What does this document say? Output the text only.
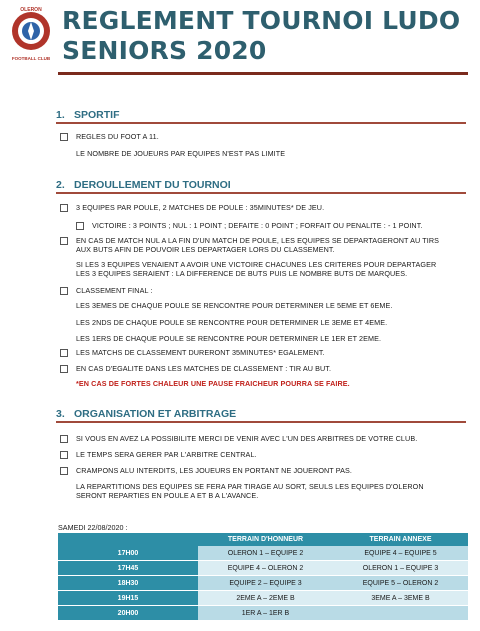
OLERON
FOOTBALL CLUB
REGLEMENT TOURNOI LUDO
SENIORS 2020
1. SPORTIF
REGLES DU FOOT A 11.
LE NOMBRE DE JOUEURS PAR EQUIPES N'EST PAS LIMITE
2. DEROULLEMENT DU TOURNOI
3 EQUIPES PAR POULE, 2 MATCHES DE POULE : 35MINUTES* DE JEU.
VICTOIRE : 3 POINTS ; NUL : 1 POINT ; DEFAITE : 0 POINT ; FORFAIT OU PENALITE : - 1 POINT.
EN CAS DE MATCH NUL A LA FIN D'UN MATCH DE POULE, LES EQUIPES SE DEPARTAGERONT AU TIRS
AUX BUTS AFIN DE POUVOIR LES DEPARTAGER LORS DU CLASSEMENT.
SI LES 3 EQUIPES VENAIENT A AVOIR UNE VICTOIRE CHACUNES LES CRITERES POUR DEPARTAGER
LES 3 EQUIPES SERAIENT : LA DIFFERENCE DE BUTS PUIS LE NOMBRE BUTS DE MARQUES.
CLASSEMENT FINAL :
LES 3EMES DE CHAQUE POULE SE RENCONTRE POUR DETERMINER LE 5EME ET 6EME.
LES 2NDS DE CHAQUE POULE SE RENCONTRE POUR DETERMINER LE 3EME ET 4EME.
LES 1ERS DE CHAQUE POULE SE RENCONTRE POUR DETERMINER LE 1ER ET 2EME.
LES MATCHS DE CLASSEMENT DURERONT 35MINUTES* EGALEMENT.
EN CAS D'EGALITE DANS LES MATCHES DE CLASSEMENT : TIR AU BUT.
*EN CAS DE FORTES CHALEUR UNE PAUSE FRAICHEUR POURRA SE FAIRE.
3. ORGANISATION ET ARBITRAGE
SI VOUS EN AVEZ LA POSSIBILITE MERCI DE VENIR AVEC L'UN DES ARBITRES DE VOTRE CLUB.
LE TEMPS SERA GERER PAR L'ARBITRE CENTRAL.
CRAMPONS ALU INTERDITS, LES JOUEURS EN PORTANT NE JOUERONT PAS.
LA REPARTITIONS DES EQUIPES SE FERA PAR TIRAGE AU SORT, SEULS LES EQUIPES D'OLERON
SERONT REPARTIES EN POULE A ET B A L'AVANCE.
SAMEDI 22/08/2020 :
	TERRAIN D'HONNEUR	TERRAIN ANNEXE
17H00	OLERON 1 – EQUIPE 2	EQUIPE 4 – EQUIPE 5
17H45	EQUIPE 4 – OLERON 2	OLERON 1 – EQUIPE 3
18H30	EQUIPE 2 – EQUIPE 3	EQUIPE 5 – OLERON 2
19H15	2EME A – 2EME B	3EME A – 3EME B
20H00	1ER A – 1ER B	
